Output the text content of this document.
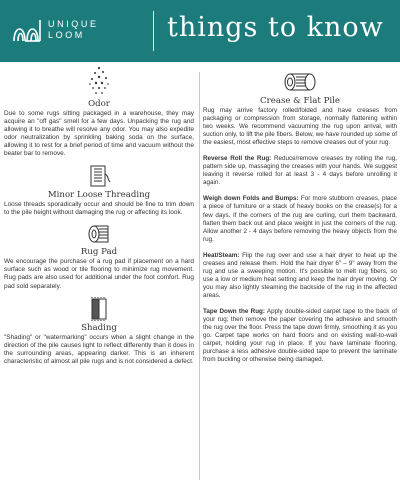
UNIQUE
LOOM	things to know
Odor

Due to some rugs sitting packaged in a warehouse, they may acquire an "off gas" smell for a few days. Unpacking the rug and allowing it to breathe will resolve any odor. You may also expedite odor neutralization by sprinkling baking soda on the surface, allowing it to rest for a brief period of time and vacuum without the beater bar to remove.

Minor Loose Threading

Loose threads sporadically occur and should be fine to trim down to the pile height without damaging the rug or affecting its look.

Rug Pad

We encourage the purchase of a rug pad if placement on a hard surface such as wood or tile flooring to minimize rug movement. Rug pads are also used for additional under the foot comfort. Rug pad sold separately.

Shading

"Shading" or "watermarking" occurs when a slight change in the direction of the pile causes light to reflect differently than it does in the surrounding areas, appearing darker. This is an inherent characteristic of almost all pile rugs and is not considered a defect.

Crease & Flat Pile

Rug may arrive factory rolled/folded and have creases from packaging or compression from storage, normally flattening within two weeks. We recommend vacuuming the rug upon arrival, with suction only, to lift the pile fibers. Below, we have rounded up some of the easiest, most effective steps to remove creases out of your rug.

Reverse Roll the Rug: Reduce/remove creases by rolling the rug, pattern side up, massaging the creases with your hands. We suggest leaving it reverse rolled for at least 3 - 4 days before unrolling it again.

Weigh down Folds and Bumps: For more stubborn creases, place a piece of furniture or a stack of heavy books on the crease(s) for a few days. If the corners of the rug are curling, curl them backward, flatten them back out and place weight in just the corners of the rug. Allow another 2 - 4 days before removing the heavy objects from the rug.

Heat/Steam: Flip the rug over and use a hair dryer to heat up the creases and release them. Hold the hair dryer 6" – 9" away from the rug and use a sweeping motion. It's possible to melt rug fibers, so use a low or medium heat setting and keep the hair dryer moving. Or you may also lightly steaming the backside of the rug in the affected areas.

Tape Down the Rug: Apply double-sided carpet tape to the back of your rug; then remove the paper covering the adhesive and smooth the rug over the floor. Press the tape down firmly, smoothing it as you go. Carpet tape works on hard floors and on existing wall-to-wall carpet, holding your rug in place. If you have laminate flooring, purchase a less adhesive double-sided tape to prevent the laminate from buckling or otherwise being damaged.
